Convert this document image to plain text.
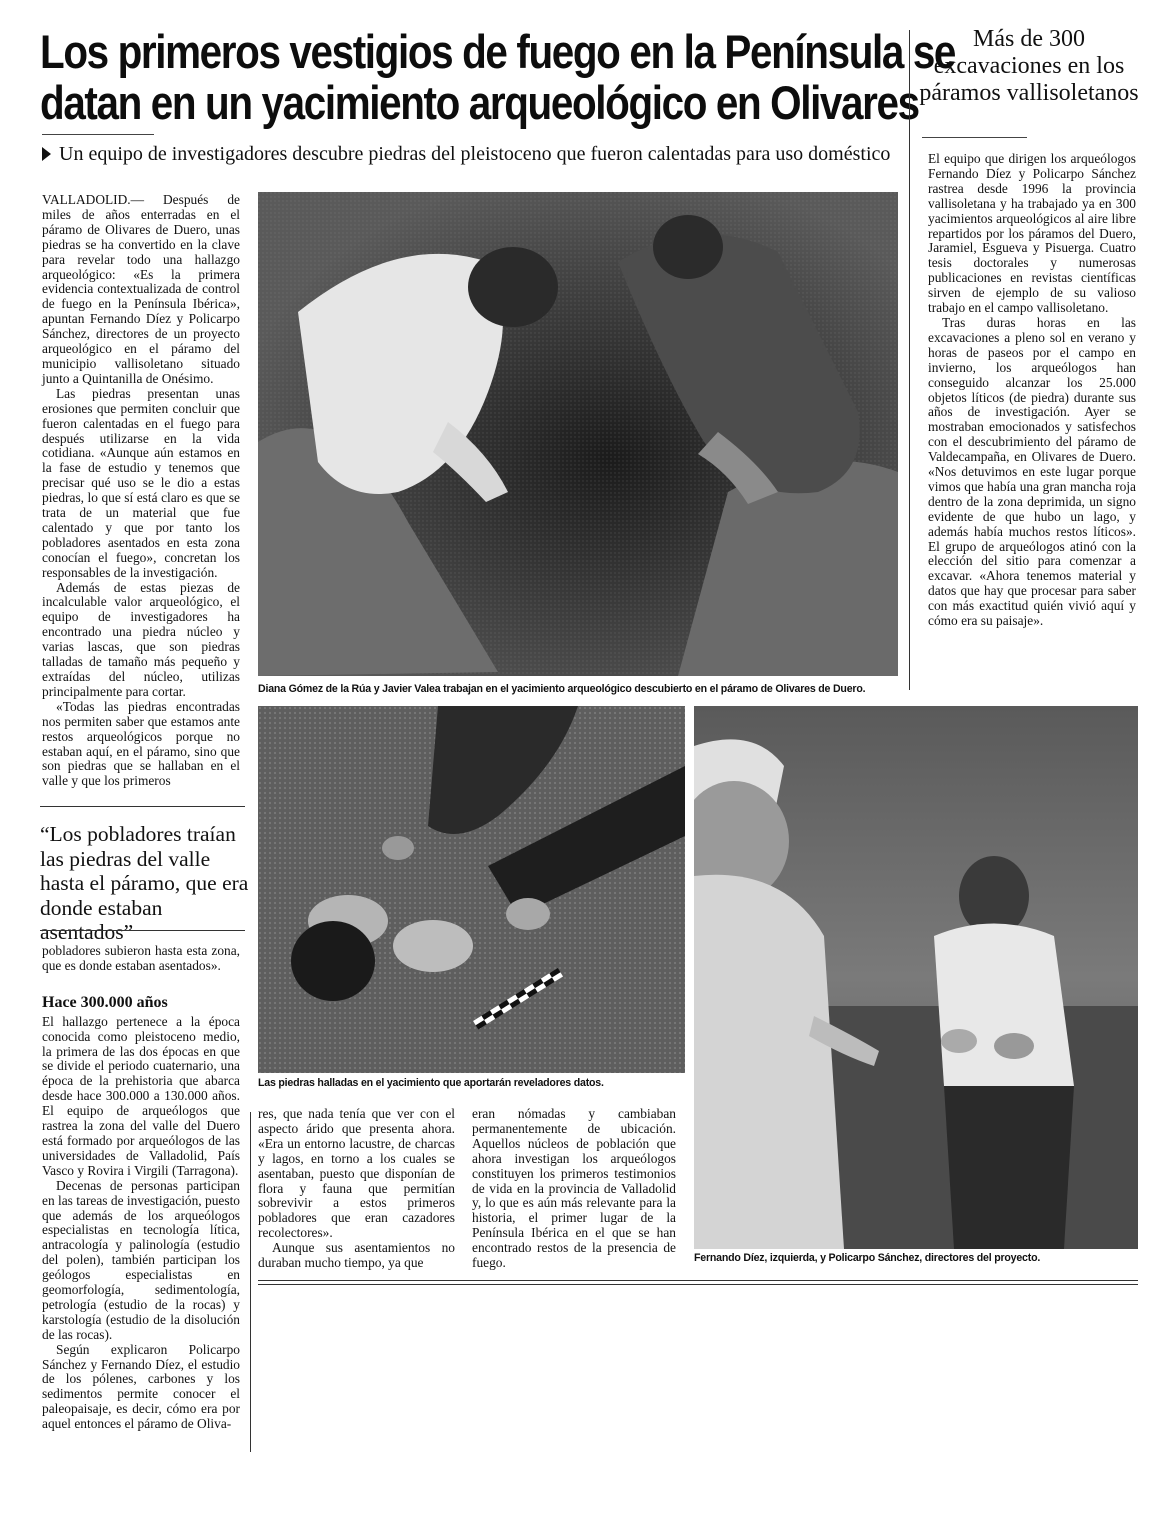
Los primeros vestigios de fuego en la Península se
datan en un yacimiento arqueológico en Olivares
Un equipo de investigadores descubre piedras del pleistoceno que fueron calentadas para uso doméstico
Más de 300 excavaciones en los páramos vallisoletanos

El equipo que dirigen los arqueólogos Fernando Díez y Policarpo Sánchez rastrea desde 1996 la provincia vallisoletana y ha trabajado ya en 300 yacimientos arqueológicos al aire libre repartidos por los páramos del Duero, Jaramiel, Esgueva y Pisuerga. Cuatro tesis doctorales y numerosas publicaciones en revistas científicas sirven de ejemplo de su valioso trabajo en el campo vallisoletano.

Tras duras horas en las excavaciones a pleno sol en verano y horas de paseos por el campo en invierno, los arqueólogos han conseguido alcanzar los 25.000 objetos líticos (de piedra) durante sus años de investigación. Ayer se mostraban emocionados y satisfechos con el descubrimiento del páramo de Valdecampaña, en Olivares de Duero. «Nos detuvimos en este lugar porque vimos que había una gran mancha roja dentro de la zona deprimida, un signo evidente de que hubo un lago, y además había muchos restos líticos». El grupo de arqueólogos atinó con la elección del sitio para comenzar a excavar. «Ahora tenemos material y datos que hay que procesar para saber con más exactitud quién vivió aquí y cómo era su paisaje».

VALLADOLID.— Después de miles de años enterradas en el páramo de Olivares de Duero, unas piedras se ha convertido en la clave para revelar todo una hallazgo arqueológico: «Es la primera evidencia contextualizada de control de fuego en la Península Ibérica», apuntan Fernando Díez y Policarpo Sánchez, directores de un proyecto arqueológico en el páramo del municipio vallisoletano situado junto a Quintanilla de Onésimo.

Las piedras presentan unas erosiones que permiten concluir que fueron calentadas en el fuego para después utilizarse en la vida cotidiana. «Aunque aún estamos en la fase de estudio y tenemos que precisar qué uso se le dio a estas piedras, lo que sí está claro es que se trata de un material que fue calentado y que por tanto los pobladores asentados en esta zona conocían el fuego», concretan los responsables de la investigación.

Además de estas piezas de incalculable valor arqueológico, el equipo de investigadores ha encontrado una piedra núcleo y varias lascas, que son piedras talladas de tamaño más pequeño y extraídas del núcleo, utilizas principalmente para cortar.

«Todas las piedras encontradas nos permiten saber que estamos ante restos arqueológicos porque no estaban aquí, en el páramo, sino que son piedras que se hallaban en el valle y que los primeros

“Los pobladores traían las piedras del valle hasta el páramo, que era donde estaban asentados”

pobladores subieron hasta esta zona, que es donde estaban asentados».

Hace 300.000 años

El hallazgo pertenece a la época conocida como pleistoceno medio, la primera de las dos épocas en que se divide el periodo cuaternario, una época de la prehistoria que abarca desde hace 300.000 a 130.000 años. El equipo de arqueólogos que rastrea la zona del valle del Duero está formado por arqueólogos de las universidades de Valladolid, País Vasco y Rovira i Virgili (Tarragona).

Decenas de personas participan en las tareas de investigación, puesto que además de los arqueólogos especialistas en tecnología lítica, antracología y palinología (estudio del polen), también participan los geólogos especialistas en geomorfología, sedimentología, petrología (estudio de la rocas) y karstología (estudio de la disolución de las rocas).

Según explicaron Policarpo Sánchez y Fernando Díez, el estudio de los pólenes, carbones y los sedimentos permite conocer el paleopaisaje, es decir, cómo era por aquel entonces el páramo de Oliva-

Diana Gómez de la Rúa y Javier Valea trabajan en el yacimiento arqueológico descubierto en el páramo de Olivares de Duero.
Las piedras halladas en el yacimiento que aportarán reveladores datos.
Fernando Díez, izquierda, y Policarpo Sánchez, directores del proyecto.

res, que nada tenía que ver con el aspecto árido que presenta ahora. «Era un entorno lacustre, de charcas y lagos, en torno a los cuales se asentaban, puesto que disponían de flora y fauna que permitían sobrevivir a estos primeros pobladores que eran cazadores recolectores».

Aunque sus asentamientos no duraban mucho tiempo, ya que

eran nómadas y cambiaban permanentemente de ubicación. Aquellos núcleos de población que ahora investigan los arqueólogos constituyen los primeros testimonios de vida en la provincia de Valladolid y, lo que es aún más relevante para la historia, el primer lugar de la Península Ibérica en el que se han encontrado restos de la presencia de fuego.
